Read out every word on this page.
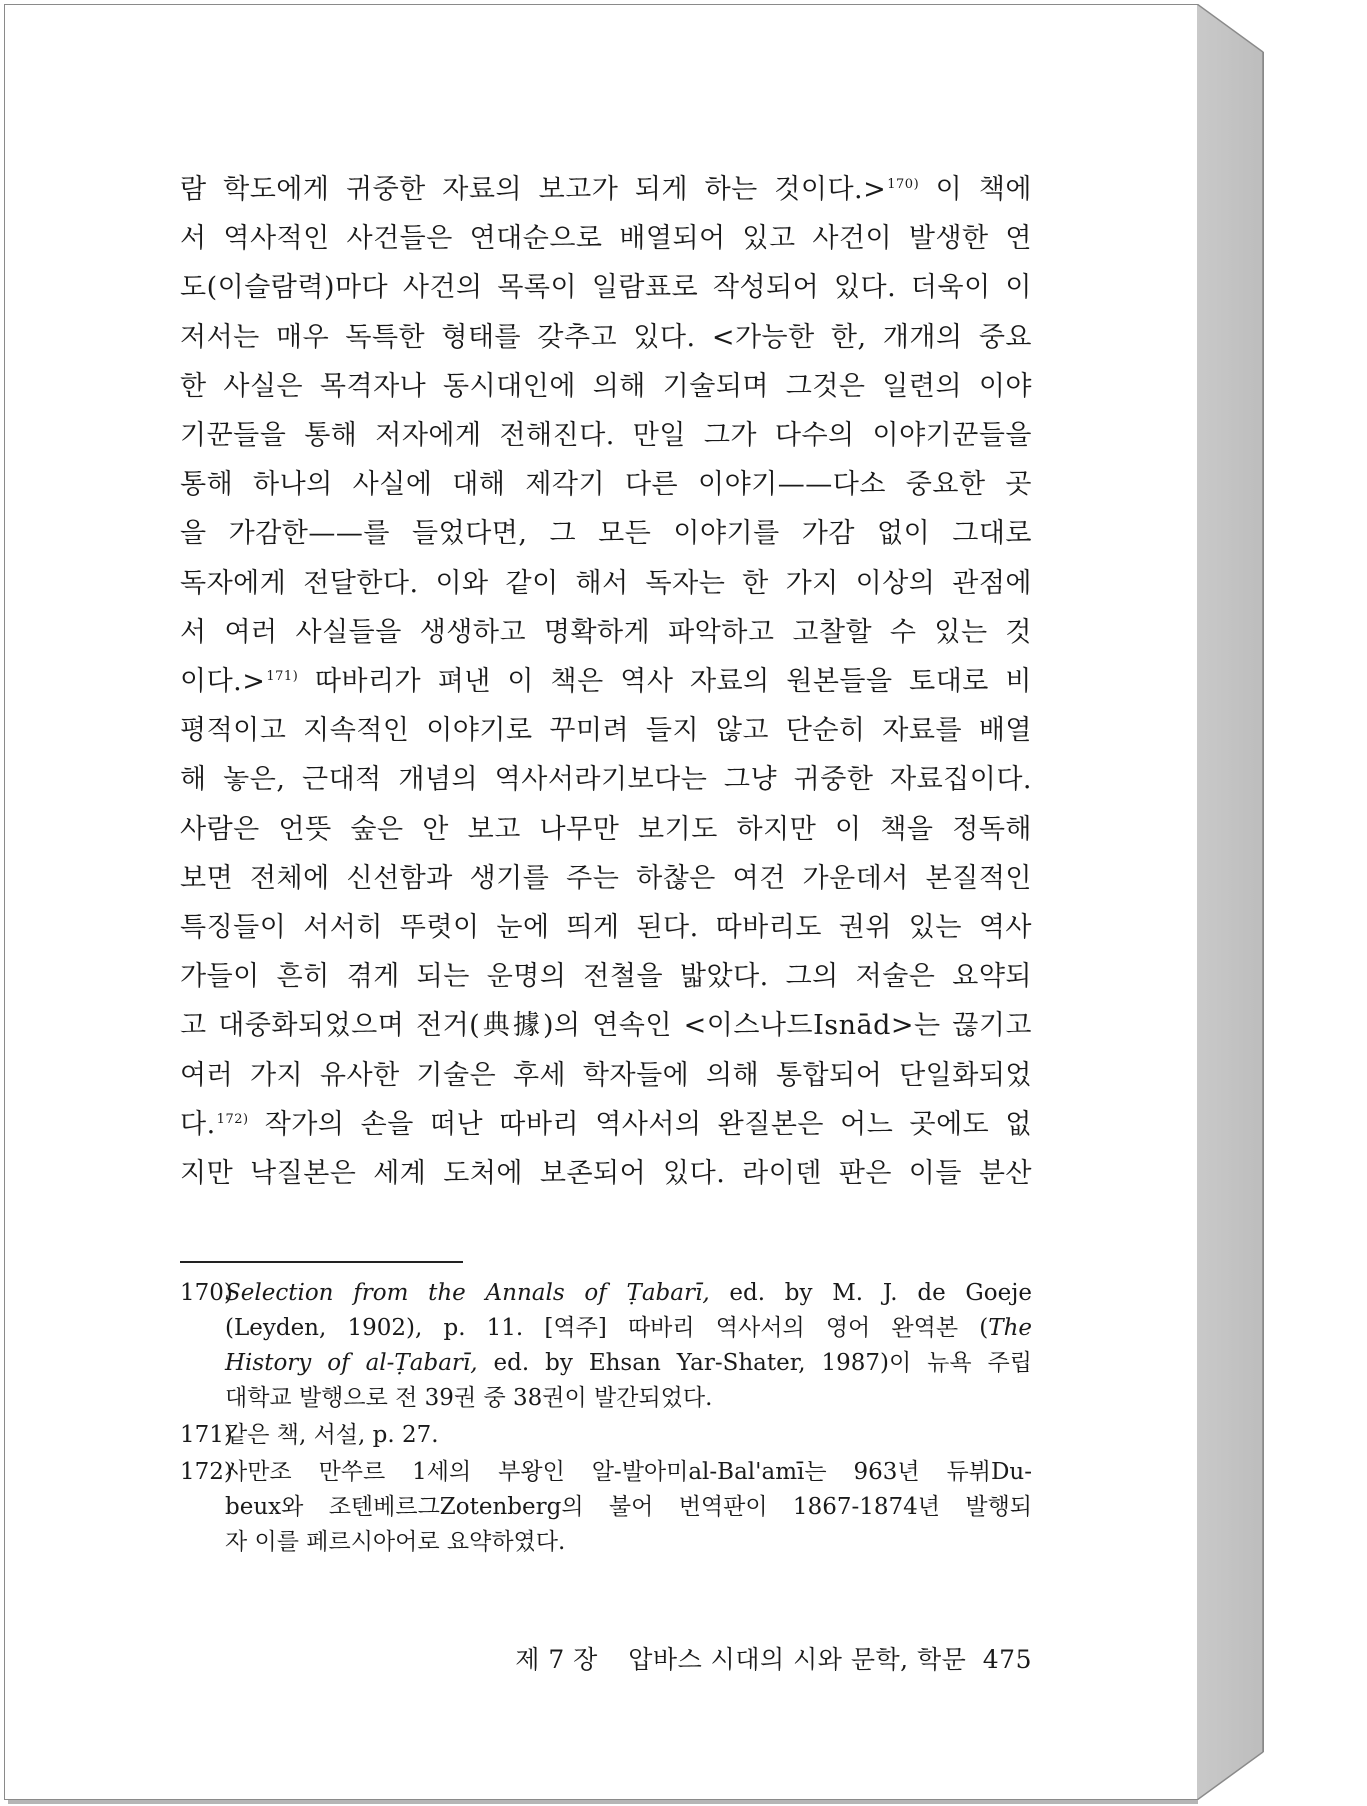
람 학도에게 귀중한 자료의 보고가 되게 하는 것이다.>$^{170)}$ 이 책에
서 역사적인 사건들은 연대순으로 배열되어 있고 사건이 발생한 연
도(이슬람력)마다 사건의 목록이 일람표로 작성되어 있다. 더욱이 이
저서는 매우 독특한 형태를 갖추고 있다. <가능한 한, 개개의 중요
한 사실은 목격자나 동시대인에 의해 기술되며 그것은 일련의 이야
기꾼들을 통해 저자에게 전해진다. 만일 그가 다수의 이야기꾼들을
통해 하나의 사실에 대해 제각기 다른 이야기——다소 중요한 곳
을 가감한——를 들었다면, 그 모든 이야기를 가감 없이 그대로
독자에게 전달한다. 이와 같이 해서 독자는 한 가지 이상의 관점에
서 여러 사실들을 생생하고 명확하게 파악하고 고찰할 수 있는 것
이다.>$^{171)}$ 따바리가 펴낸 이 책은 역사 자료의 원본들을 토대로 비
평적이고 지속적인 이야기로 꾸미려 들지 않고 단순히 자료를 배열
해 놓은, 근대적 개념의 역사서라기보다는 그냥 귀중한 자료집이다.
사람은 언뜻 숲은 안 보고 나무만 보기도 하지만 이 책을 정독해
보면 전체에 신선함과 생기를 주는 하찮은 여건 가운데서 본질적인
특징들이 서서히 뚜렷이 눈에 띄게 된다. 따바리도 권위 있는 역사
가들이 흔히 겪게 되는 운명의 전철을 밟았다. 그의 저술은 요약되
고 대중화되었으며 전거(典據)의 연속인 <이스나드Isnād>는 끊기고
여러 가지 유사한 기술은 후세 학자들에 의해 통합되어 단일화되었
다.$^{172)}$ 작가의 손을 떠난 따바리 역사서의 완질본은 어느 곳에도 없
지만 낙질본은 세계 도처에 보존되어 있다. 라이덴 판은 이들 분산
170)
Selection from the Annals of Ṭabarī, ed. by M. J. de Goeje
(Leyden, 1902), p. 11. [역주] 따바리 역사서의 영어 완역본 (The
History of al-Ṭabarī, ed. by Ehsan Yar-Shater, 1987)이 뉴욕 주립
대학교 발행으로 전 39권 중 38권이 발간되었다.
171)
같은 책, 서설, p. 27.
172)
사만조 만쑤르 1세의 부왕인 알-발아미al-Bal'amī는 963년 듀뷔Du-
beux와 조텐베르그Zotenberg의 불어 번역판이 1867-1874년 발행되
자 이를 페르시아어로 요약하였다.
제 7 장 압바스 시대의 시와 문학, 학문 475
